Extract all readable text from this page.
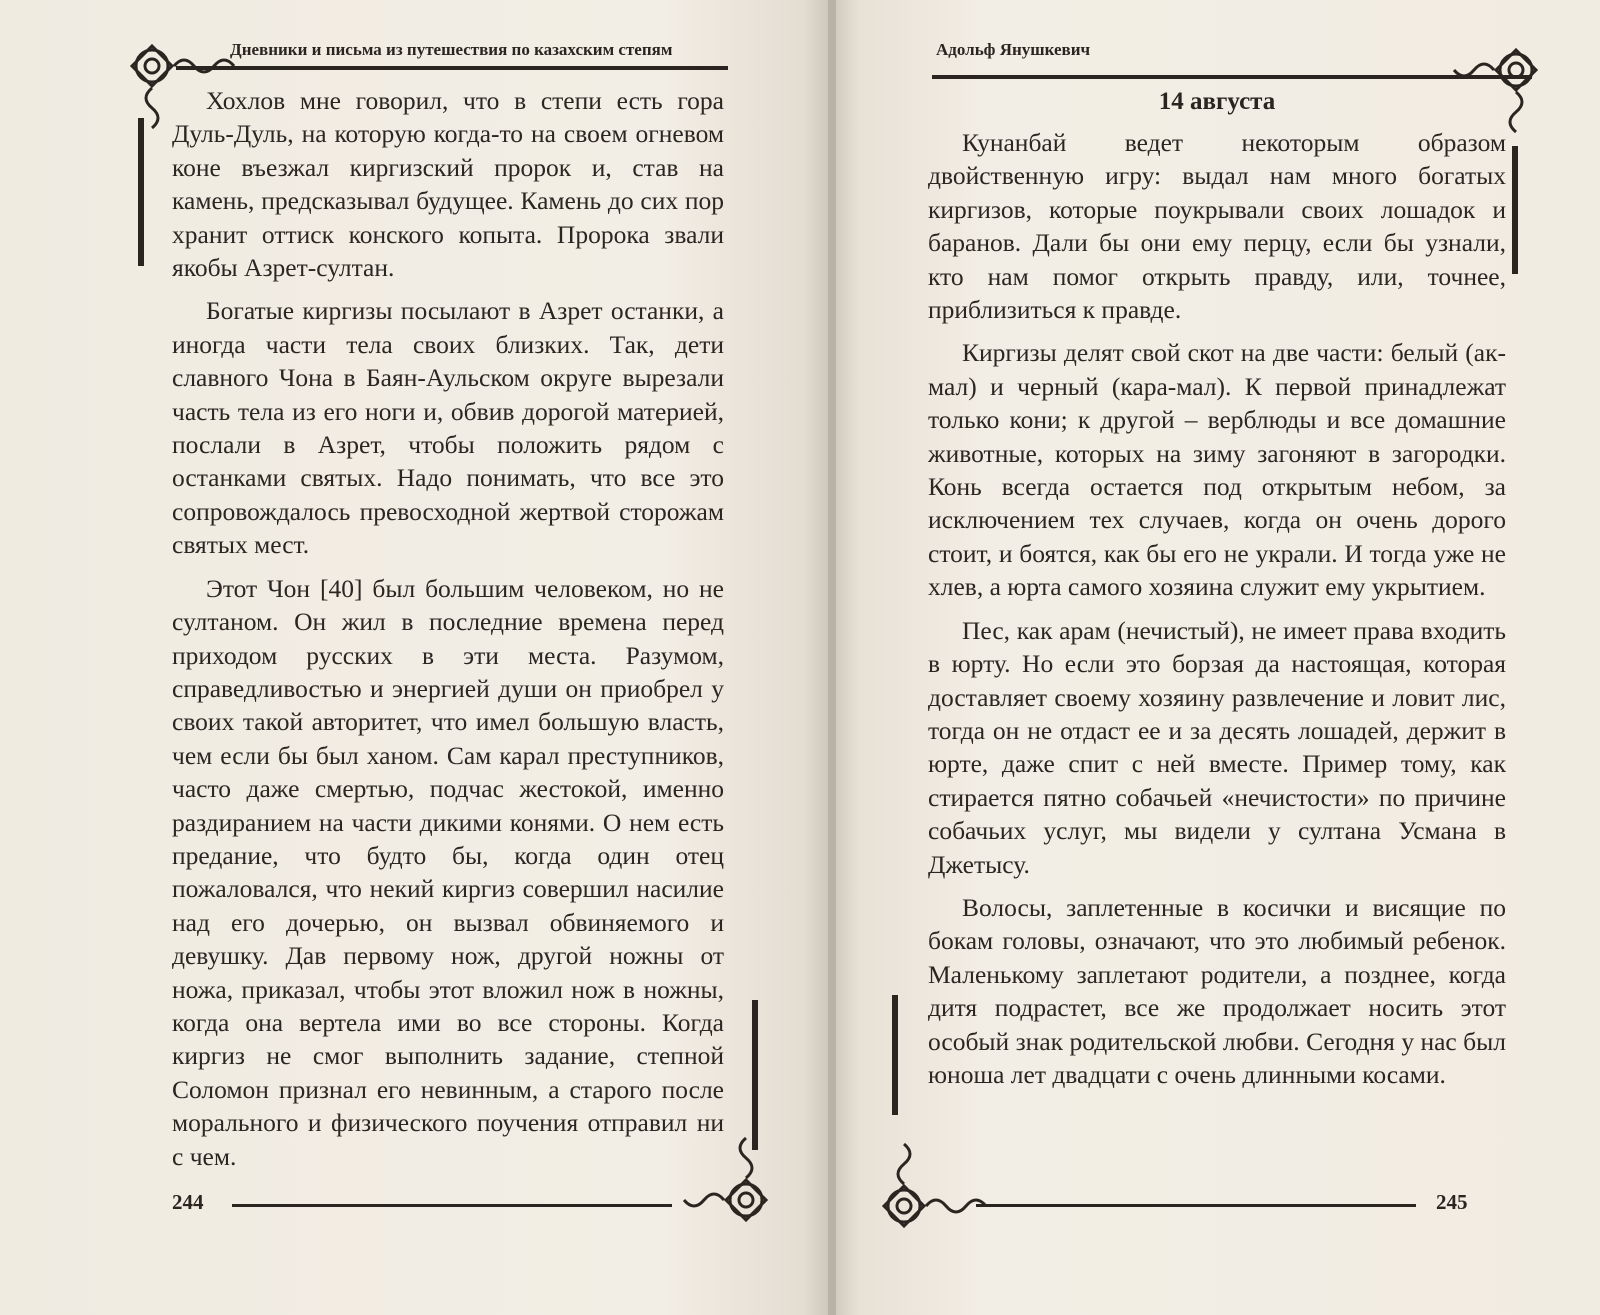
Дневники и письма из путешествия по казахским степям

Хохлов мне говорил, что в степи есть гора Дуль-Дуль, на которую когда-то на своем огневом коне въезжал киргизский пророк и, став на камень, предсказывал будущее. Камень до сих пор хранит оттиск конского копыта. Пророка звали якобы Азрет-султан.

Богатые киргизы посылают в Азрет останки, а иногда части тела своих близких. Так, дети славного Чона в Баян-Аульском округе вырезали часть тела из его ноги и, обвив дорогой материей, послали в Азрет, чтобы положить рядом с останками святых. Надо понимать, что все это сопровождалось превосходной жертвой сторожам святых мест.

Этот Чон [40] был большим человеком, но не султаном. Он жил в последние времена перед приходом русских в эти места. Разумом, справедливостью и энергией души он приобрел у своих такой авторитет, что имел большую власть, чем если бы был ханом. Сам карал преступников, часто даже смертью, подчас жестокой, именно раздиранием на части дикими конями. О нем есть предание, что будто бы, когда один отец пожаловался, что некий киргиз совершил насилие над его дочерью, он вызвал обвиняемого и девушку. Дав первому нож, другой ножны от ножа, приказал, чтобы этот вложил нож в ножны, когда она вертела ими во все стороны. Когда киргиз не смог выполнить задание, степной Соломон признал его невинным, а старого после морального и физического поучения отправил ни с чем.

244
Адольф Янушкевич
14 августа

Кунанбай ведет некоторым образом двойственную игру: выдал нам много богатых киргизов, которые поукрывали своих лошадок и баранов. Дали бы они ему перцу, если бы узнали, кто нам помог открыть правду, или, точнее, приблизиться к правде.

Киргизы делят свой скот на две части: белый (ак-мал) и черный (кара-мал). К первой принадлежат только кони; к другой – верблюды и все домашние животные, которых на зиму загоняют в загородки. Конь всегда остается под открытым небом, за исключением тех случаев, когда он очень дорого стоит, и боятся, как бы его не украли. И тогда уже не хлев, а юрта самого хозяина служит ему укрытием.

Пес, как арам (нечистый), не имеет права входить в юрту. Но если это борзая да настоящая, которая доставляет своему хозяину развлечение и ловит лис, тогда он не отдаст ее и за десять лошадей, держит в юрте, даже спит с ней вместе. Пример тому, как стирается пятно собачьей «нечистости» по причине собачьих услуг, мы видели у султана Усмана в Джетысу.

Волосы, заплетенные в косички и висящие по бокам головы, означают, что это любимый ребенок. Маленькому заплетают родители, а позднее, когда дитя подрастет, все же продолжает носить этот особый знак родительской любви. Сегодня у нас был юноша лет двадцати с очень длинными косами.

245
